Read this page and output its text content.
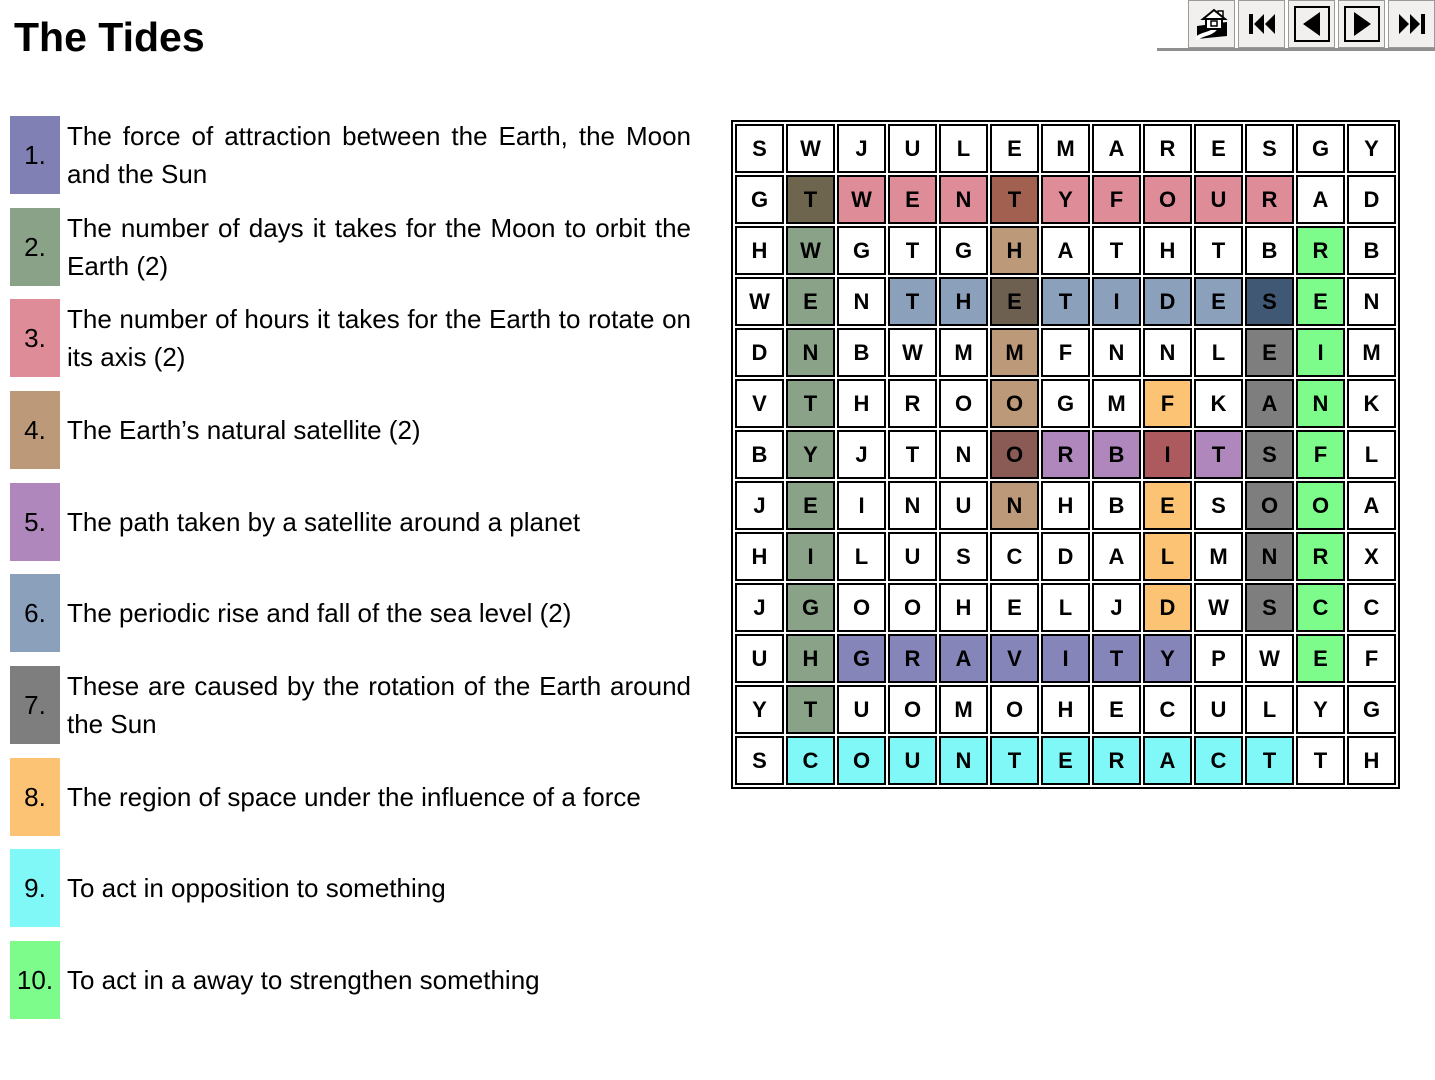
The Tides
1.
The force of attraction between the Earth, the Moon and the Sun
2.
The number of days it takes for the Moon to orbit the Earth (2)
3.
The number of hours it takes for the Earth to rotate on its axis (2)
4. The Earth’s natural satellite (2)
5. The path taken by a satellite around a planet
6. The periodic rise and fall of the sea level (2)
7.
These are caused by the rotation of the Earth around the Sun
8. The region of space under the influence of a force
9. To act in opposition to something
10. To act in a away to strengthen something
S	W	J	U	L	E	M	A	R	E	S	G	Y
G	T	W	E	N	T	Y	F	O	U	R	A	D
H	W	G	T	G	H	A	T	H	T	B	R	B
W	E	N	T	H	E	T	I	D	E	S	E	N
D	N	B	W	M	M	F	N	N	L	E	I	M
V	T	H	R	O	O	G	M	F	K	A	N	K
B	Y	J	T	N	O	R	B	I	T	S	F	L
J	E	I	N	U	N	H	B	E	S	O	O	A
H	I	L	U	S	C	D	A	L	M	N	R	X
J	G	O	O	H	E	L	J	D	W	S	C	C
U	H	G	R	A	V	I	T	Y	P	W	E	F
Y	T	U	O	M	O	H	E	C	U	L	Y	G
S	C	O	U	N	T	E	R	A	C	T	T	H
